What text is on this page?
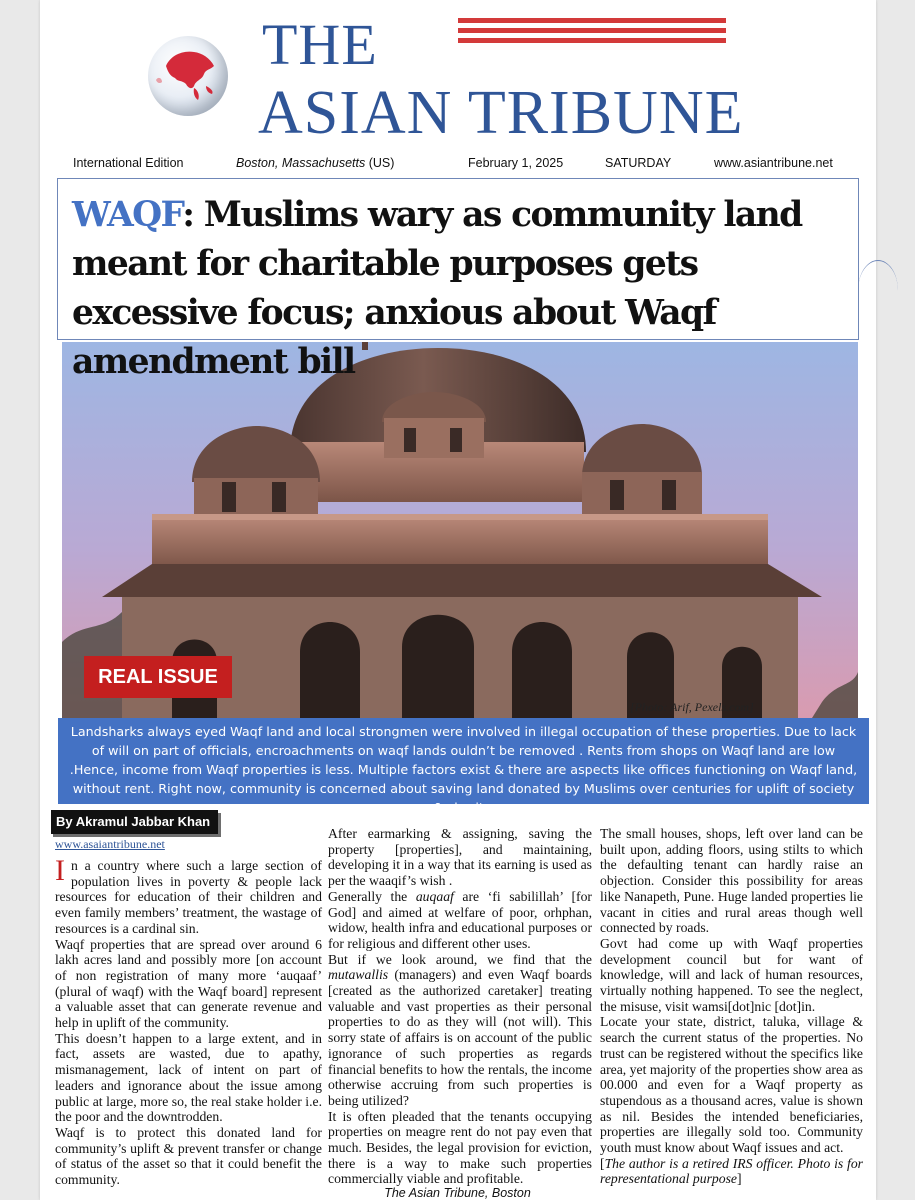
THE
ASIAN TRIBUNE
International Edition	Boston, Massachusetts (US)	February 1, 2025	SATURDAY	www.asiantribune.net
WAQF: Muslims wary as community land meant for charitable purposes gets excessive focus; anxious about Waqf amendment bill
REAL ISSUE
[Photo: Arif, Pexels.com]
Landsharks always eyed Waqf land and local strongmen were involved in illegal occupation of these properties. Due to lack of will on part of officials, encroachments on waqf lands ouldn’t be removed . Rents from shops on Waqf land are low .Hence, income from Waqf properties is less. Multiple factors exist & there are aspects like offices functioning on Waqf land, without rent. Right now, community is concerned about saving land donated by Muslims over centuries for uplift of society & charity.
By Akramul Jabbar Khan
www.asaiantribune.net

In a country where such a large section of population lives in poverty & people lack resources for education of their children and even family members’ treatment, the wastage of resources is a cardinal sin.

Waqf properties that are spread over around 6 lakh acres land and possibly more [on account of non registration of many more ‘auqaaf’ (plural of waqf) with the Waqf board] represent a valuable asset that can generate revenue and help in uplift of the community.

This doesn’t happen to a large extent, and in fact, assets are wasted, due to apathy, mismanagement, lack of intent on part of leaders and ignorance about the issue among public at large, more so, the real stake holder i.e. the poor and the downtrodden.

Waqf is to protect this donated land for community’s uplift & prevent transfer or change of status of the asset so that it could benefit the community.

After earmarking & assigning, saving the property [properties], and maintaining, developing it in a way that its earning is used as per the waaqif’s wish .

Generally the auqaaf are ‘fi sabilillah’ [for God] and aimed at welfare of poor, orhphan, widow, health infra and educational purposes or for religious and different other uses.

But if we look around, we find that the mutawallis (managers) and even Waqf boards [created as the authorized caretaker] treating valuable and vast properties as their personal properties to do as they will (not will). This sorry state of affairs is on account of the public ignorance of such properties as regards financial benefits to how the rentals, the income otherwise accruing from such properties is being utilized?

It is often pleaded that the tenants occupying properties on meagre rent do not pay even that much. Besides, the legal provision for eviction, there is a way to make such properties commercially viable and profitable.

The small houses, shops, left over land can be built upon, adding floors, using stilts to which the defaulting tenant can hardly raise an objection. Consider this possibility for areas like Nanapeth, Pune. Huge landed properties lie vacant in cities and rural areas though well connected by roads.

Govt had come up with Waqf properties development council but for want of knowledge, will and lack of human resources, virtually nothing happened. To see the neglect, the misuse, visit wamsi[dot]nic [dot]in.

Locate your state, district, taluka, village & search the current status of the properties. No trust can be registered without the specifics like area, yet majority of the properties show area as 00.000 and even for a Waqf property as stupendous as a thousand acres, value is shown as nil. Besides the intended beneficiaries, properties are illegally sold too. Community youth must know about Waqf issues and act.

[The author is a retired IRS officer. Photo is for representational purpose]

The Asian Tribune, Boston
